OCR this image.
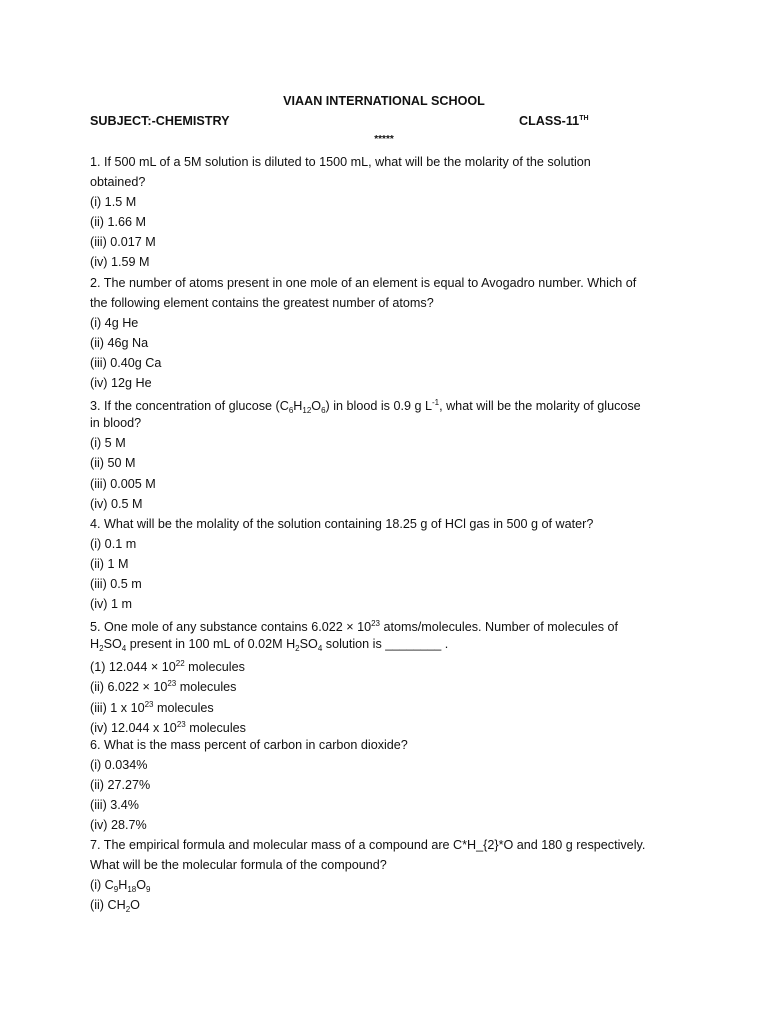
VIAAN INTERNATIONAL SCHOOL
SUBJECT:-CHEMISTRY	CLASS-11TH
*****
1. If 500 mL of a 5M solution is diluted to 1500 mL, what will be the molarity of the solution
obtained?
(i) 1.5 M
(ii) 1.66 M
(iii) 0.017 M
(iv) 1.59 M
2. The number of atoms present in one mole of an element is equal to Avogadro number. Which of
the following element contains the greatest number of atoms?
(i) 4g He
(ii) 46g Na
(iii) 0.40g Ca
(iv) 12g He
3. If the concentration of glucose $(C_6H_{12}O_6)$ in blood is 0.9 g $L^{-1}$, what will be the molarity of glucose
in blood?
(i) 5 M
(ii) 50 M
(iii) 0.005 M
(iv) 0.5 M
4. What will be the molality of the solution containing 18.25 g of HCl gas in 500 g of water?
(i) 0.1 m
(ii) 1 M
(iii) 0.5 m
(iv) 1 m
5. One mole of any substance contains $6.022 \times 10^{23}$ atoms/molecules. Number of molecules of
$H_2SO_4$ present in 100 mL of 0.02M $H_2SO_4$ solution is ________ .
(1) $12.044 \times 10^{22}$ molecules
(ii) $6.022 \times 10^{23}$ molecules
(iii) 1 x $10^{23}$ molecules
(iv) 12.044 x $10^{23}$ molecules
6. What is the mass percent of carbon in carbon dioxide?
(i) 0.034%
(ii) 27.27%
(iii) 3.4%
(iv) 28.7%
7. The empirical formula and molecular mass of a compound are C*H_{2}*O and 180 g respectively.
What will be the molecular formula of the compound?
(i) $C_9H_{18}O_9$
(ii) $CH_2O$
